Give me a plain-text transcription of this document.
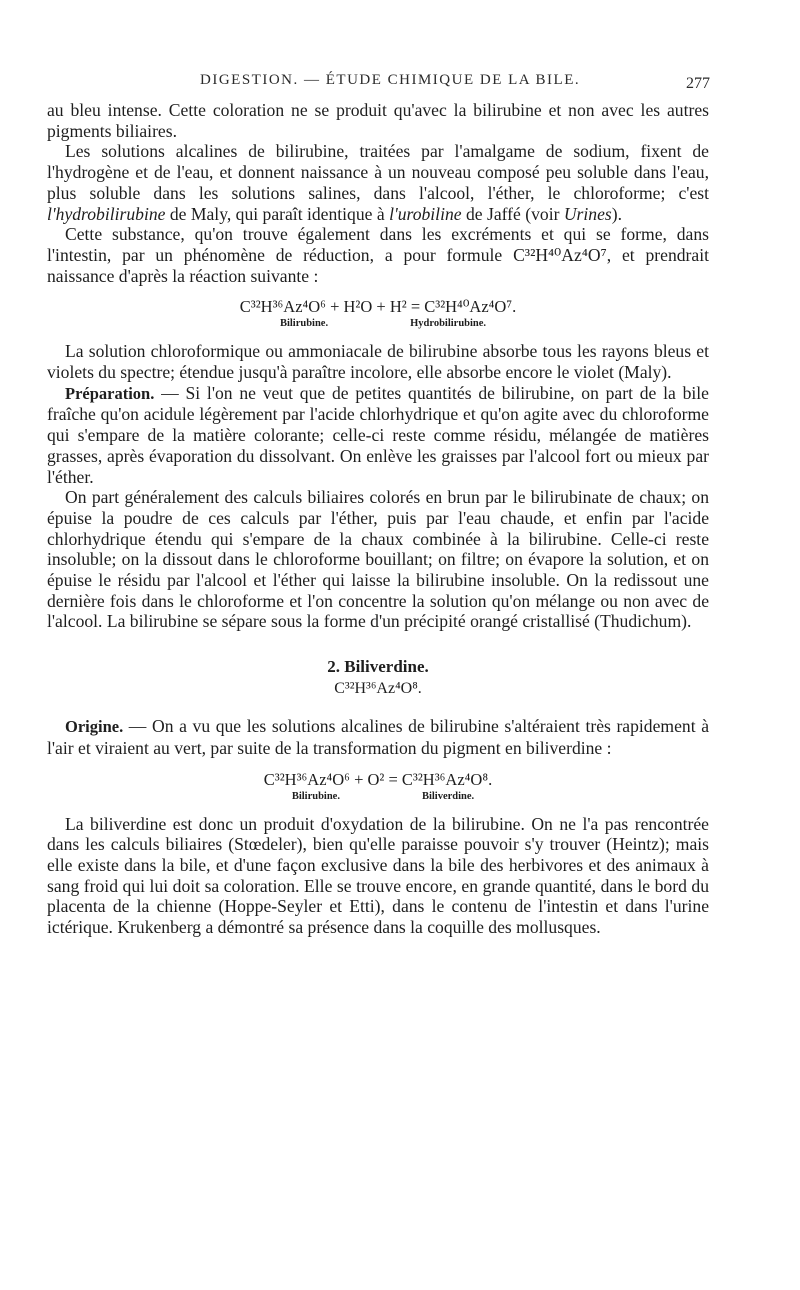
DIGESTION. — ÉTUDE CHIMIQUE DE LA BILE.	277

au bleu intense. Cette coloration ne se produit qu'avec la bilirubine et non avec les autres pigments biliaires.

Les solutions alcalines de bilirubine, traitées par l'amalgame de sodium, fixent de l'hydrogène et de l'eau, et donnent naissance à un nouveau composé peu soluble dans l'eau, plus soluble dans les solutions salines, dans l'alcool, l'éther, le chloroforme; c'est l'hydrobilirubine de Maly, qui paraît identique à l'urobiline de Jaffé (voir Urines).

Cette substance, qu'on trouve également dans les excréments et qui se forme, dans l'intestin, par un phénomène de réduction, a pour formule C³²H⁴⁰Az⁴O⁷, et prendrait naissance d'après la réaction suivante :

C³²H³⁶Az⁴O⁶ + H²O + H² = C³²H⁴⁰Az⁴O⁷.
Bilirubine.	Hydrobilirubine.

La solution chloroformique ou ammoniacale de bilirubine absorbe tous les rayons bleus et violets du spectre; étendue jusqu'à paraître incolore, elle absorbe encore le violet (Maly).

Préparation. — Si l'on ne veut que de petites quantités de bilirubine, on part de la bile fraîche qu'on acidule légèrement par l'acide chlorhydrique et qu'on agite avec du chloroforme qui s'empare de la matière colorante; celle-ci reste comme résidu, mélangée de matières grasses, après évaporation du dissolvant. On enlève les graisses par l'alcool fort ou mieux par l'éther.

On part généralement des calculs biliaires colorés en brun par le bilirubinate de chaux; on épuise la poudre de ces calculs par l'éther, puis par l'eau chaude, et enfin par l'acide chlorhydrique étendu qui s'empare de la chaux combinée à la bilirubine. Celle-ci reste insoluble; on la dissout dans le chloroforme bouillant; on filtre; on évapore la solution, et on épuise le résidu par l'alcool et l'éther qui laisse la bilirubine insoluble. On la redissout une dernière fois dans le chloroforme et l'on concentre la solution qu'on mélange ou non avec de l'alcool. La bilirubine se sépare sous la forme d'un précipité orangé cristallisé (Thudichum).

2. Biliverdine.
C³²H³⁶Az⁴O⁸.

Origine. — On a vu que les solutions alcalines de bilirubine s'altéraient très rapidement à l'air et viraient au vert, par suite de la transformation du pigment en biliverdine :

C³²H³⁶Az⁴O⁶ + O² = C³²H³⁶Az⁴O⁸.
Bilirubine.	Biliverdine.

La biliverdine est donc un produit d'oxydation de la bilirubine. On ne l'a pas rencontrée dans les calculs biliaires (Stœdeler), bien qu'elle paraisse pouvoir s'y trouver (Heintz); mais elle existe dans la bile, et d'une façon exclusive dans la bile des herbivores et des animaux à sang froid qui lui doit sa coloration. Elle se trouve encore, en grande quantité, dans le bord du placenta de la chienne (Hoppe-Seyler et Etti), dans le contenu de l'intestin et dans l'urine ictérique. Krukenberg a démontré sa présence dans la coquille des mollusques.
